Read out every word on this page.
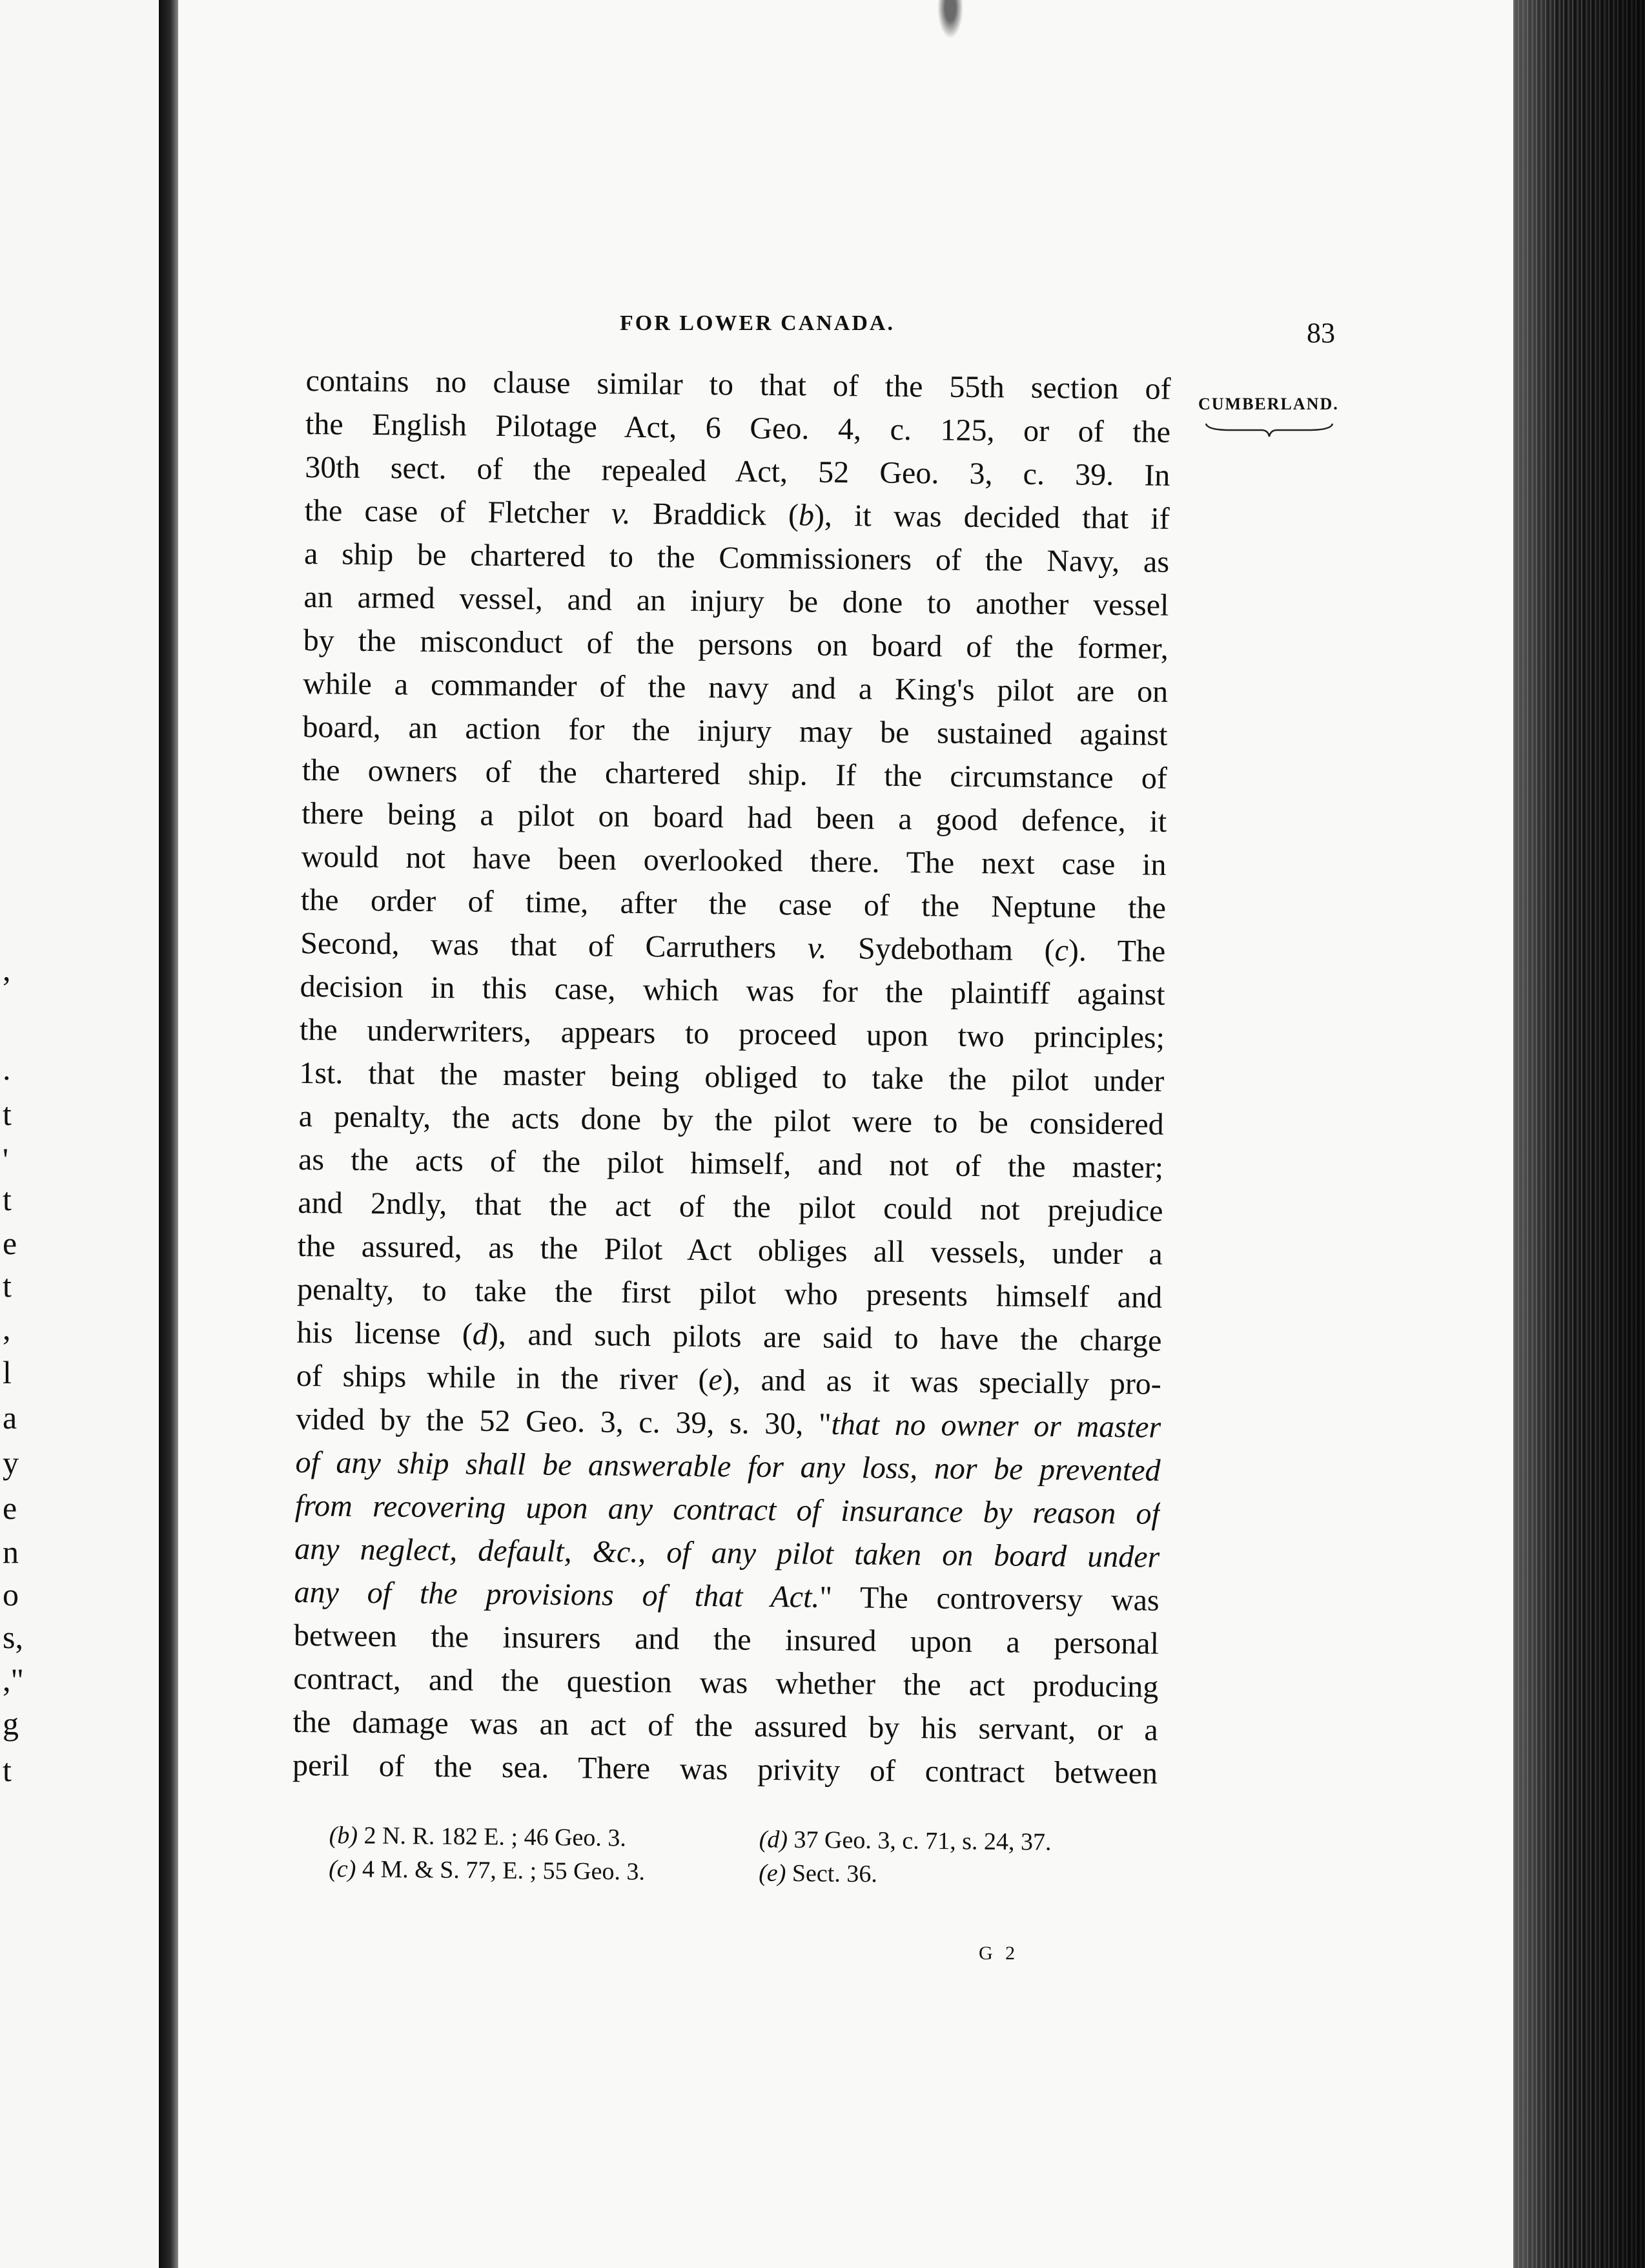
,
.
t
'
t
e
t
,
l
a
y
e
n
o
s,
,"
g
t
FOR LOWER CANADA.	83
CUMBERLAND.
contains no clause similar to that of the 55th section of
the English Pilotage Act, 6 Geo. 4, c. 125, or of the
30th sect. of the repealed Act, 52 Geo. 3, c. 39. In
the case of Fletcher v. Braddick (b), it was decided that if
a ship be chartered to the Commissioners of the Navy, as
an armed vessel, and an injury be done to another vessel
by the misconduct of the persons on board of the former,
while a commander of the navy and a King's pilot are on
board, an action for the injury may be sustained against
the owners of the chartered ship. If the circumstance of
there being a pilot on board had been a good defence, it
would not have been overlooked there. The next case in
the order of time, after the case of the Neptune the
Second, was that of Carruthers v. Sydebotham (c). The
decision in this case, which was for the plaintiff against
the underwriters, appears to proceed upon two principles;
1st. that the master being obliged to take the pilot under
a penalty, the acts done by the pilot were to be considered
as the acts of the pilot himself, and not of the master;
and 2ndly, that the act of the pilot could not prejudice
the assured, as the Pilot Act obliges all vessels, under a
penalty, to take the first pilot who presents himself and
his license (d), and such pilots are said to have the charge
of ships while in the river (e), and as it was specially pro-
vided by the 52 Geo. 3, c. 39, s. 30, "that no owner or master
of any ship shall be answerable for any loss, nor be prevented
from recovering upon any contract of insurance by reason of
any neglect, default, &c., of any pilot taken on board under
any of the provisions of that Act." The controversy was
between the insurers and the insured upon a personal
contract, and the question was whether the act producing
the damage was an act of the assured by his servant, or a
peril of the sea. There was privity of contract between
(b) 2 N. R. 182 E. ; 46 Geo. 3.
(c) 4 M. & S. 77, E. ; 55 Geo. 3.
(d) 37 Geo. 3, c. 71, s. 24, 37.
(e) Sect. 36.
G 2
